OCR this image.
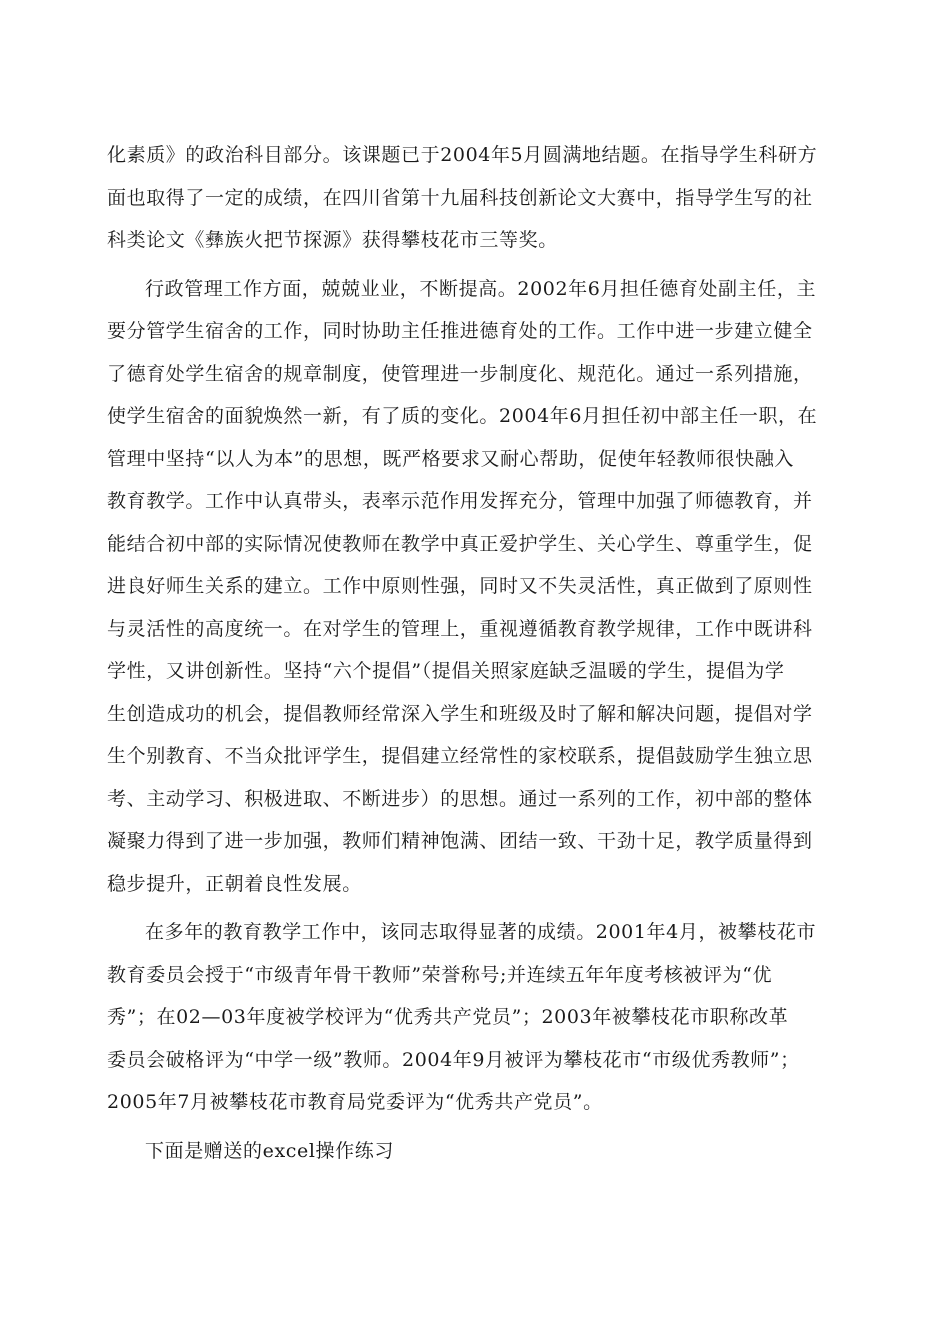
化素质》的政治科目部分。该课题已于2004年5月圆满地结题。在指导学生科研方
面也取得了一定的成绩，在四川省第十九届科技创新论文大赛中，指导学生写的社
科类论文《彝族火把节探源》获得攀枝花市三等奖。
行政管理工作方面，兢兢业业，不断提高。2002年6月担任德育处副主任，主
要分管学生宿舍的工作，同时协助主任推进德育处的工作。工作中进一步建立健全
了德育处学生宿舍的规章制度，使管理进一步制度化、规范化。通过一系列措施，
使学生宿舍的面貌焕然一新，有了质的变化。2004年6月担任初中部主任一职，在
管理中坚持“以人为本”的思想，既严格要求又耐心帮助，促使年轻教师很快融入
教育教学。工作中认真带头，表率示范作用发挥充分，管理中加强了师德教育，并
能结合初中部的实际情况使教师在教学中真正爱护学生、关心学生、尊重学生，促
进良好师生关系的建立。工作中原则性强，同时又不失灵活性，真正做到了原则性
与灵活性的高度统一。在对学生的管理上，重视遵循教育教学规律，工作中既讲科
学性，又讲创新性。坚持“六个提倡”（提倡关照家庭缺乏温暖的学生，提倡为学
生创造成功的机会，提倡教师经常深入学生和班级及时了解和解决问题，提倡对学
生个别教育、不当众批评学生，提倡建立经常性的家校联系，提倡鼓励学生独立思
考、主动学习、积极进取、不断进步）的思想。通过一系列的工作，初中部的整体
凝聚力得到了进一步加强，教师们精神饱满、团结一致、干劲十足，教学质量得到
稳步提升，正朝着良性发展。
在多年的教育教学工作中，该同志取得显著的成绩。2001年4月，被攀枝花市
教育委员会授于“市级青年骨干教师”荣誉称号;并连续五年年度考核被评为“优
秀”；在02—03年度被学校评为“优秀共产党员”；2003年被攀枝花市职称改革
委员会破格评为“中学一级”教师。2004年9月被评为攀枝花市“市级优秀教师”；
2005年7月被攀枝花市教育局党委评为“优秀共产党员”。
下面是赠送的excel操作练习
